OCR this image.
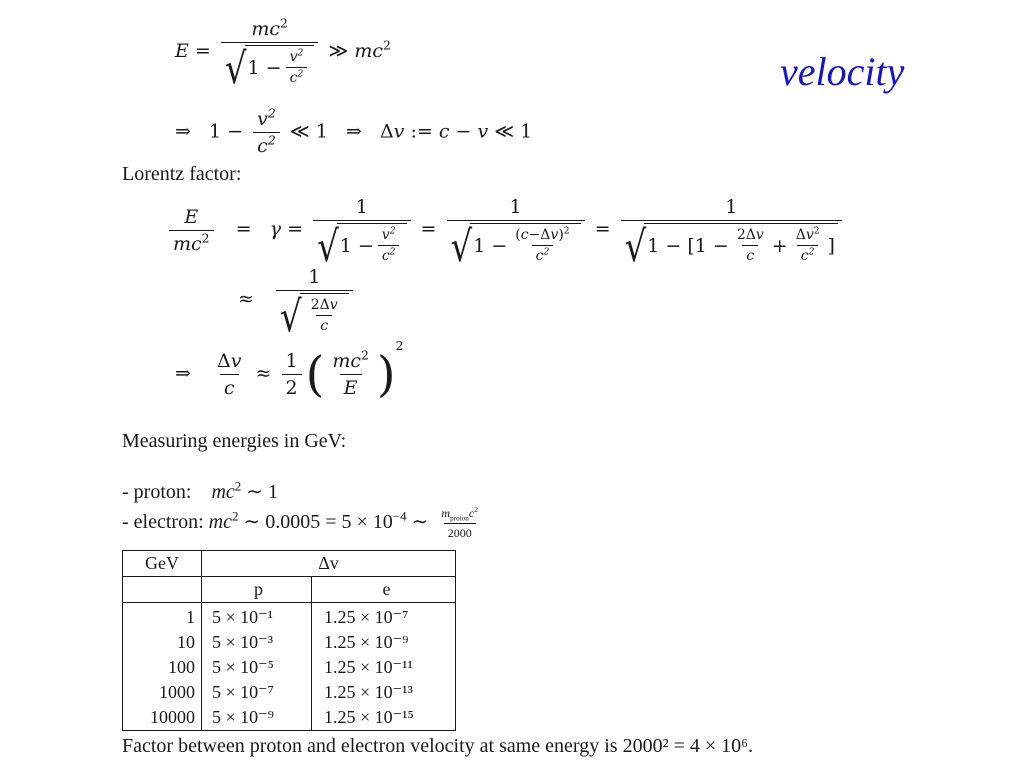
velocity
$E = \frac{mc^2}{√ 1 - \frac{v^2}{c^2}}$ ≫ $mc^2$
⇒   $1 - \frac{v^2}{c^2}$ ≪ 1   ⇒   Δv := c − v ≪ 1
Lorentz factor:
$\frac{E}{mc^2} = \gamma = \frac{1}{√ 1 - \frac{v^2}{c^2}} = \frac{1}{√ 1 - \frac{(c-\Delta v)^2}{c^2}} = \frac{1}{√ 1 - [1 - \frac{2\Delta v}{c} + \frac{\Delta v^2}{c^2} ]}$
≈ $\frac{1}{√ \frac{2\Delta v}{c}}$
⇒ $\frac{\Delta v}{c} \approx \frac{1}{2}$ ( $\frac{mc^2}{E} )^2$
Measuring energies in GeV:
- proton: $mc^2$ ∼ 1
- electron: $mc^2$ ∼ $0.0005 = 5 \times 10^{-4}$ ∼ $\frac{m_{proton}c^2}{2000}$
GeV	Δv	
	p	e
1	5 × 10⁻¹	1.25 × 10⁻⁷
10	5 × 10⁻³	1.25 × 10⁻⁹
100	5 × 10⁻⁵	1.25 × 10⁻¹¹
1000	5 × 10⁻⁷	1.25 × 10⁻¹³
10000	5 × 10⁻⁹	1.25 × 10⁻¹⁵
Factor between proton and electron velocity at same energy is 2000² = 4 × 10⁶.
